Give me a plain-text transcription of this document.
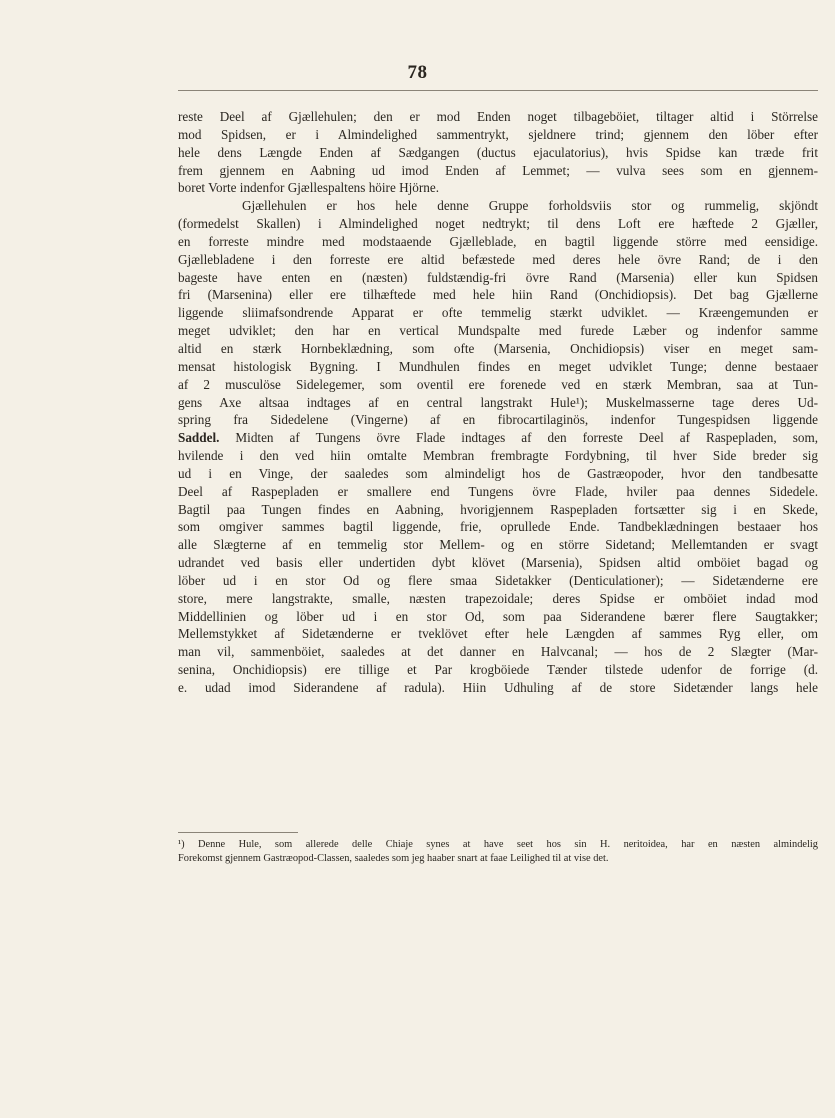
78

reste Deel af Gjællehulen; den er mod Enden noget tilbageböiet, tiltager altid i Störrelse
mod Spidsen, er i Almindelighed sammentrykt, sjeldnere trind; gjennem den löber efter
hele dens Længde Enden af Sædgangen (ductus ejaculatorius), hvis Spidse kan træde frit
frem gjennem en Aabning ud imod Enden af Lemmet; — vulva sees som en gjennem-
boret Vorte indenfor Gjællespaltens höire Hjörne.

Gjællehulen er hos hele denne Gruppe forholdsviis stor og rummelig, skjöndt
(formedelst Skallen) i Almindelighed noget nedtrykt; til dens Loft ere hæftede 2 Gjæller,
en forreste mindre med modstaaende Gjælleblade, en bagtil liggende större med eensidige.
Gjællebladene i den forreste ere altid befæstede med deres hele övre Rand; de i den
bageste have enten en (næsten) fuldstændig-fri övre Rand (Marsenia) eller kun Spidsen
fri (Marsenina) eller ere tilhæftede med hele hiin Rand (Onchidiopsis). Det bag Gjællerne
liggende sliimafsondrende Apparat er ofte temmelig stærkt udviklet. — Kræengemunden er
meget udviklet; den har en vertical Mundspalte med furede Læber og indenfor samme
altid en stærk Hornbeklædning, som ofte (Marsenia, Onchidiopsis) viser en meget sam-
mensat histologisk Bygning. I Mundhulen findes en meget udviklet Tunge; denne bestaaer
af 2 musculöse Sidelegemer, som oventil ere forenede ved en stærk Membran, saa at Tun-
gens Axe altsaa indtages af en central langstrakt Hule¹); Muskelmasserne tage deres Ud-
spring fra Sidedelene (Vingerne) af en fibrocartilaginös, indenfor Tungespidsen liggende
Saddel. Midten af Tungens övre Flade indtages af den forreste Deel af Raspepladen, som,
hvilende i den ved hiin omtalte Membran frembragte Fordybning, til hver Side breder sig
ud i en Vinge, der saaledes som almindeligt hos de Gastræopoder, hvor den tandbesatte
Deel af Raspepladen er smallere end Tungens övre Flade, hviler paa dennes Sidedele.
Bagtil paa Tungen findes en Aabning, hvorigjennem Raspepladen fortsætter sig i en Skede,
som omgiver sammes bagtil liggende, frie, oprullede Ende. Tandbeklædningen bestaaer hos
alle Slægterne af en temmelig stor Mellem- og en större Sidetand; Mellemtanden er svagt
udrandet ved basis eller undertiden dybt klövet (Marsenia), Spidsen altid omböiet bagad og
löber ud i en stor Od og flere smaa Sidetakker (Denticulationer); — Sidetænderne ere
store, mere langstrakte, smalle, næsten trapezoidale; deres Spidse er omböiet indad mod
Middellinien og löber ud i en stor Od, som paa Siderandene bærer flere Saugtakker;
Mellemstykket af Sidetænderne er tveklövet efter hele Længden af sammes Ryg eller, om
man vil, sammenböiet, saaledes at det danner en Halvcanal; — hos de 2 Slægter (Mar-
senina, Onchidiopsis) ere tillige et Par krogböiede Tænder tilstede udenfor de forrige (d.
e. udad imod Siderandene af radula). Hiin Udhuling af de store Sidetænder langs hele

¹) Denne Hule, som allerede delle Chiaje synes at have seet hos sin H. neritoidea, har en næsten almindelig
Forekomst gjennem Gastræopod-Classen, saaledes som jeg haaber snart at faae Leilighed til at vise det.
